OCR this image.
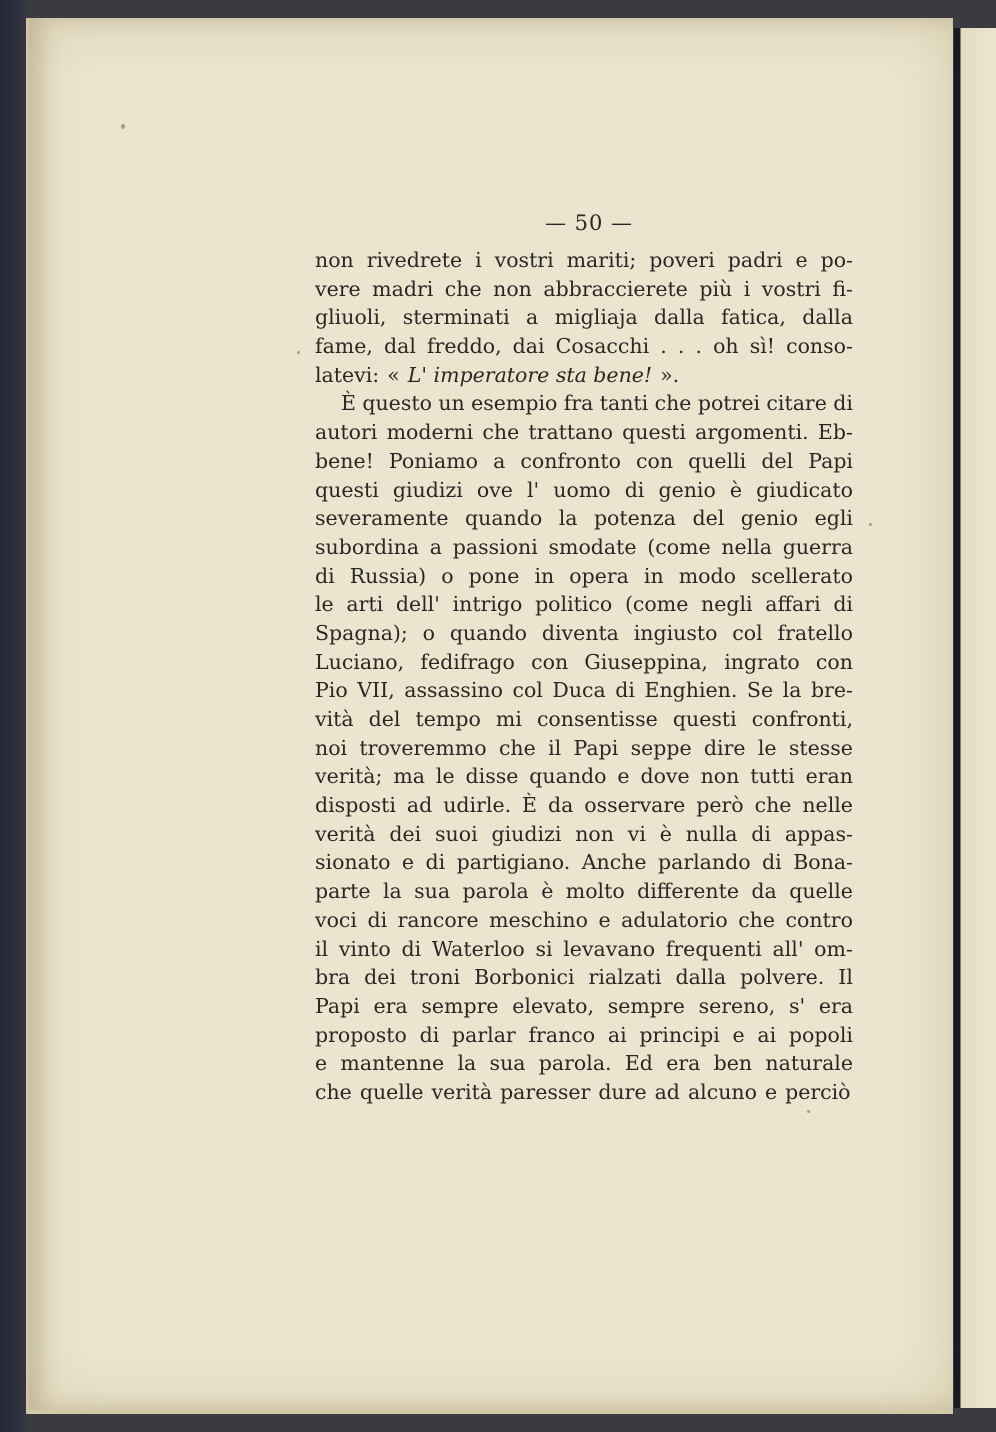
— 50 —
non rivedrete i vostri mariti; poveri padri e po-
vere madri che non abbraccierete più i vostri fi-
gliuoli, sterminati a migliaja dalla fatica, dalla
fame, dal freddo, dai Cosacchi . . . oh sì! conso-
latevi: « L' imperatore sta bene! ».
È questo un esempio fra tanti che potrei citare di
autori moderni che trattano questi argomenti. Eb-
bene! Poniamo a confronto con quelli del Papi
questi giudizi ove l' uomo di genio è giudicato
severamente quando la potenza del genio egli
subordina a passioni smodate (come nella guerra
di Russia) o pone in opera in modo scellerato
le arti dell' intrigo politico (come negli affari di
Spagna); o quando diventa ingiusto col fratello
Luciano, fedifrago con Giuseppina, ingrato con
Pio VII, assassino col Duca di Enghien. Se la bre-
vità del tempo mi consentisse questi confronti,
noi troveremmo che il Papi seppe dire le stesse
verità; ma le disse quando e dove non tutti eran
disposti ad udirle. È da osservare però che nelle
verità dei suoi giudizi non vi è nulla di appas-
sionato e di partigiano. Anche parlando di Bona-
parte la sua parola è molto differente da quelle
voci di rancore meschino e adulatorio che contro
il vinto di Waterloo si levavano frequenti all' om-
bra dei troni Borbonici rialzati dalla polvere. Il
Papi era sempre elevato, sempre sereno, s' era
proposto di parlar franco ai principi e ai popoli
e mantenne la sua parola. Ed era ben naturale
che quelle verità paresser dure ad alcuno e perciò
